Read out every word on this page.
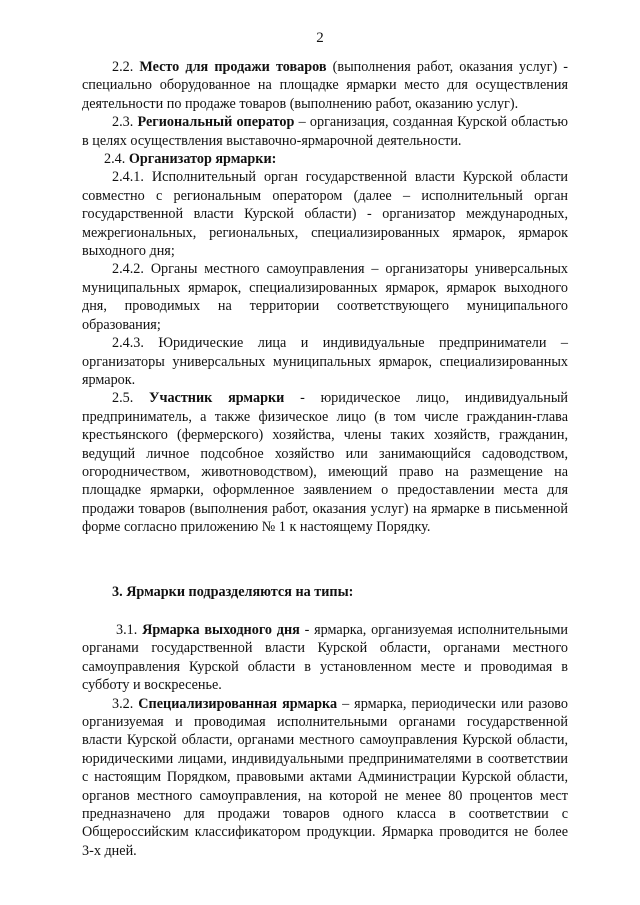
2

2.2. Место для продажи товаров (выполнения работ, оказания услуг) - специально оборудованное на площадке ярмарки место для осуществления деятельности по продаже товаров (выполнению работ, оказанию услуг).

2.3. Региональный оператор – организация, созданная Курской областью в целях осуществления выставочно-ярмарочной деятельности.

2.4. Организатор ярмарки:

2.4.1. Исполнительный орган государственной власти Курской области совместно с региональным оператором (далее – исполнительный орган государственной власти Курской области) - организатор международных, межрегиональных, региональных, специализированных ярмарок, ярмарок выходного дня;

2.4.2. Органы местного самоуправления – организаторы универсальных муниципальных ярмарок, специализированных ярмарок, ярмарок выходного дня, проводимых на территории соответствующего муниципального образования;

2.4.3. Юридические лица и индивидуальные предприниматели – организаторы универсальных муниципальных ярмарок, специализированных ярмарок.

2.5. Участник ярмарки - юридическое лицо, индивидуальный предприниматель, а также физическое лицо (в том числе гражданин-глава крестьянского (фермерского) хозяйства, члены таких хозяйств, гражданин, ведущий личное подсобное хозяйство или занимающийся садоводством, огородничеством, животноводством), имеющий право на размещение на площадке ярмарки, оформленное заявлением о предоставлении места для продажи товаров (выполнения работ, оказания услуг) на ярмарке в письменной форме согласно приложению № 1 к настоящему Порядку.

3. Ярмарки подразделяются на типы:

3.1. Ярмарка выходного дня - ярмарка, организуемая исполнительными органами государственной власти Курской области, органами местного самоуправления Курской области в установленном месте и проводимая в субботу и воскресенье.

3.2. Специализированная ярмарка – ярмарка, периодически или разово организуемая и проводимая исполнительными органами государственной власти Курской области, органами местного самоуправления Курской области, юридическими лицами, индивидуальными предпринимателями в соответствии с настоящим Порядком, правовыми актами Администрации Курской области, органов местного самоуправления, на которой не менее 80 процентов мест предназначено для продажи товаров одного класса в соответствии с Общероссийским классификатором продукции. Ярмарка проводится не более 3-х дней.
